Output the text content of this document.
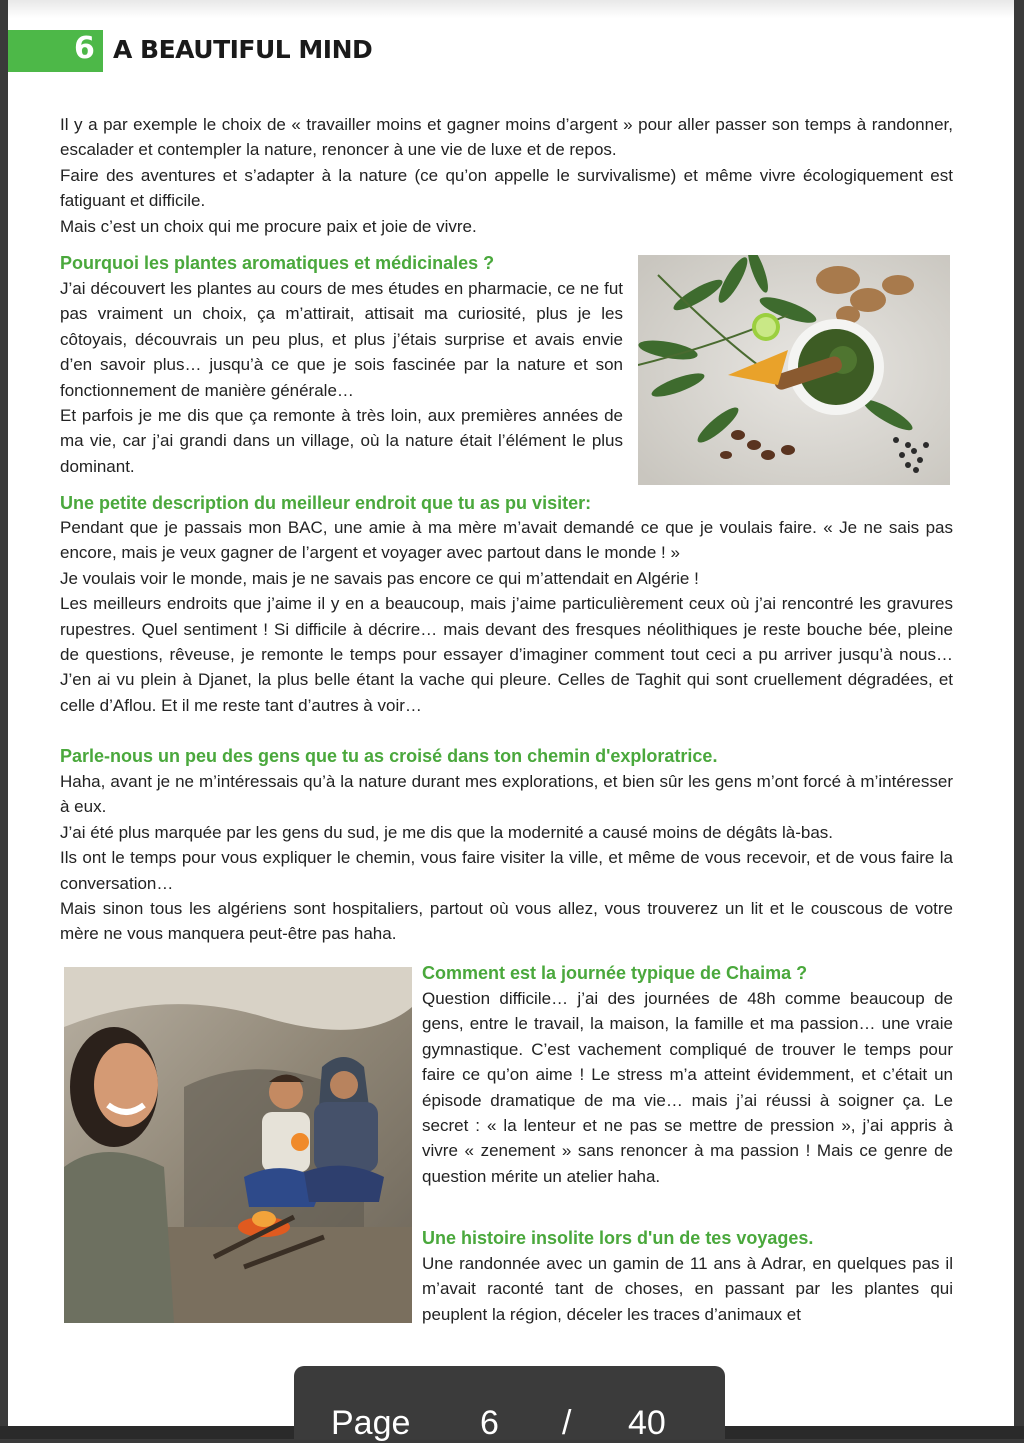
6 A BEAUTIFUL MIND

Il y a par exemple le choix de « travailler moins et gagner moins d’argent » pour aller passer son temps à randonner, escalader et contempler la nature, renoncer à une vie de luxe et de repos.

Faire des aventures et s’adapter à la nature (ce qu’on appelle le survivalisme) et même vivre écologiquement est fatiguant et difficile.

Mais c’est un choix qui me procure paix et joie de vivre.

Pourquoi les plantes aromatiques et médicinales ?

J’ai découvert les plantes au cours de mes études en pharmacie, ce ne fut pas vraiment un choix, ça m’attirait, attisait ma curiosité, plus je les côtoyais, découvrais un peu plus, et plus j’étais surprise et avais envie d’en savoir plus… jusqu’à ce que je sois fascinée par la nature et son fonctionnement de manière générale…

Et parfois je me dis que ça remonte à très loin, aux premières années de ma vie, car j’ai grandi dans un village, où la nature était l’élément le plus dominant.

Une petite description du meilleur endroit que tu as pu visiter:

Pendant que je passais mon BAC, une amie à ma mère m’avait demandé ce que je voulais faire. « Je ne sais pas encore, mais je veux gagner de l’argent et voyager avec partout dans le monde ! »

Je voulais voir le monde, mais je ne savais pas encore ce qui m’attendait en Algérie !

Les meilleurs endroits que j’aime il y en a beaucoup, mais j’aime particulièrement ceux où j’ai rencontré les gravures rupestres. Quel sentiment ! Si difficile à décrire… mais devant des fresques néolithiques je reste bouche bée, pleine de questions, rêveuse, je remonte le temps pour essayer d’imaginer comment tout ceci a pu arriver jusqu’à nous… J’en ai vu plein à Djanet, la plus belle étant la vache qui pleure. Celles de Taghit qui sont cruellement dégradées, et celle d’Aflou. Et il me reste tant d’autres à voir…

Parle-nous un peu des gens que tu as croisé dans ton chemin d'exploratrice.

Haha, avant je ne m’intéressais qu’à la nature durant mes explorations, et bien sûr les gens m’ont forcé à m’intéresser à eux.

J’ai été plus marquée par les gens du sud, je me dis que la modernité a causé moins de dégâts là-bas.

Ils ont le temps pour vous expliquer le chemin, vous faire visiter la ville, et même de vous recevoir, et de vous faire la conversation…

Mais sinon tous les algériens sont hospitaliers, partout où vous allez, vous trouverez un lit et le couscous de votre mère ne vous manquera peut-être pas haha.

Comment est la journée typique de Chaima ?

Question difficile… j’ai des journées de 48h comme beaucoup de gens, entre le travail, la maison, la famille et ma passion… une vraie gymnastique. C’est vachement compliqué de trouver le temps pour faire ce qu’on aime ! Le stress m’a atteint évidemment, et c’était un épisode dramatique de ma vie… mais j’ai réussi à soigner ça. Le secret : « la lenteur et ne pas se mettre de pression », j’ai appris à vivre « zenement » sans renoncer à ma passion ! Mais ce genre de question mérite un atelier haha.

Une histoire insolite lors d'un de tes voyages.

Une randonnée avec un gamin de 11 ans à Adrar, en quelques pas il m’avait raconté tant de choses, en passant par les plantes qui peuplent la région, déceler les traces d’animaux et

Page 6 / 40
